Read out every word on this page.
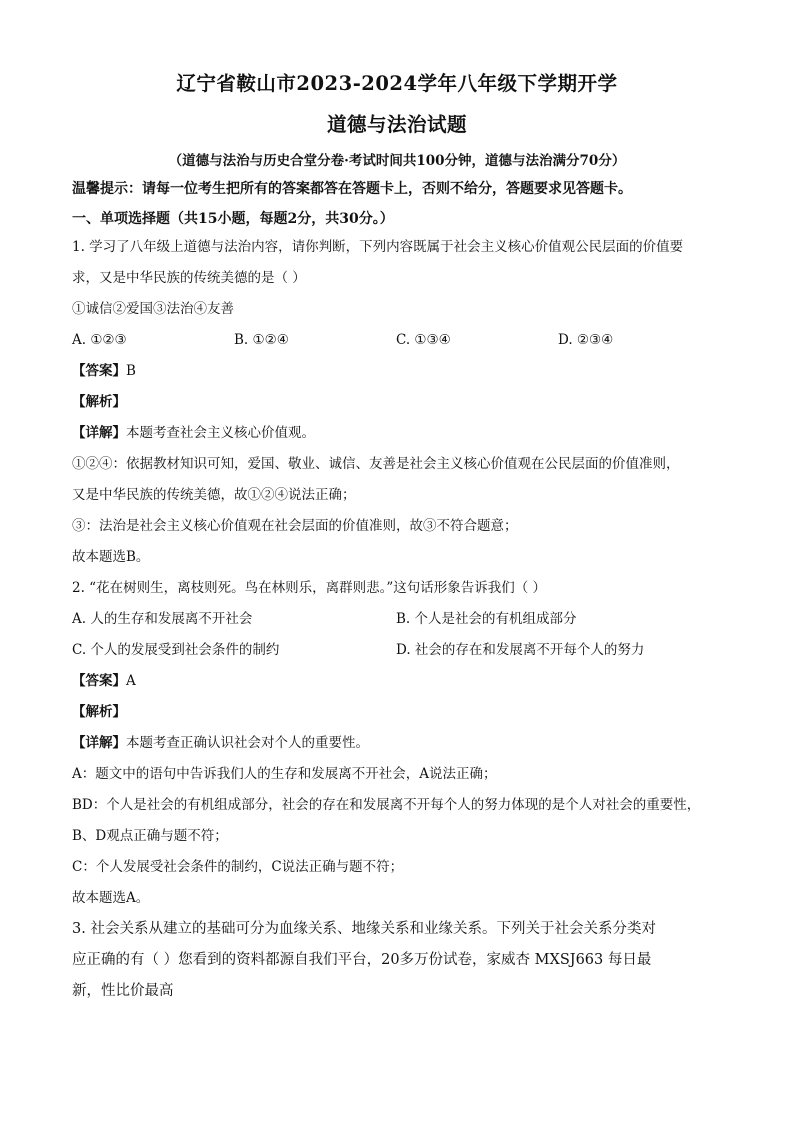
辽宁省鞍山市2023-2024学年八年级下学期开学
道德与法治试题
（道德与法治与历史合堂分卷·考试时间共100分钟，道德与法治满分70分）
温馨提示：请每一位考生把所有的答案都答在答题卡上，否则不给分，答题要求见答题卡。
一、单项选择题（共15小题，每题2分，共30分。）
1. 学习了八年级上道德与法治内容，请你判断，下列内容既属于社会主义核心价值观公民层面的价值要
求，又是中华民族的传统美德的是（ ）
①诚信②爱国③法治④友善
A. ①②③	B. ①②④	C. ①③④	D. ②③④
【答案】B
【解析】
【详解】本题考查社会主义核心价值观。
①②④：依据教材知识可知，爱国、敬业、诚信、友善是社会主义核心价值观在公民层面的价值准则，
又是中华民族的传统美德，故①②④说法正确；
③：法治是社会主义核心价值观在社会层面的价值准则，故③不符合题意；
故本题选B。
2. “花在树则生，离枝则死。鸟在林则乐，离群则悲。”这句话形象告诉我们（ ）
A. 人的生存和发展离不开社会	B. 个人是社会的有机组成部分
C. 个人的发展受到社会条件的制约	D. 社会的存在和发展离不开每个人的努力
【答案】A
【解析】
【详解】本题考查正确认识社会对个人的重要性。
A：题文中的语句中告诉我们人的生存和发展离不开社会，A说法正确；
BD：个人是社会的有机组成部分，社会的存在和发展离不开每个人的努力体现的是个人对社会的重要性，
B、D观点正确与题不符；
C：个人发展受社会条件的制约，C说法正确与题不符；
故本题选A。
3. 社会关系从建立的基础可分为血缘关系、地缘关系和业缘关系。下列关于社会关系分类对
应正确的有（ ）您看到的资料都源自我们平台，20多万份试卷，家威杏 MXSJ663 每日最
新，性比价最高
